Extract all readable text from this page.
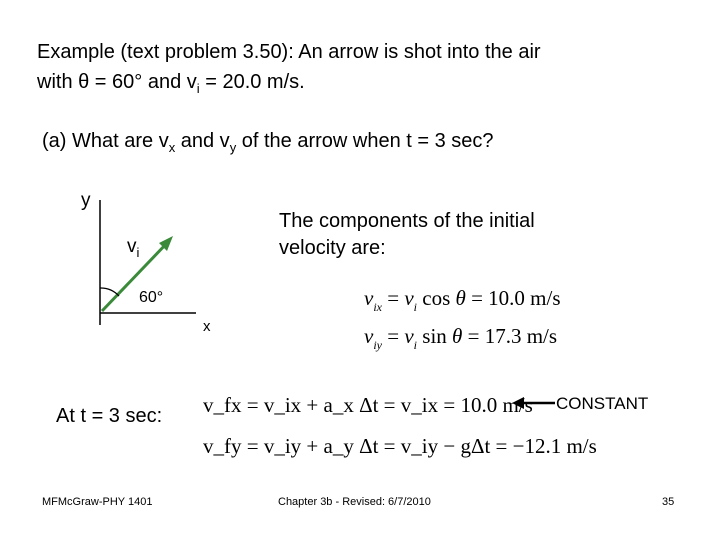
Example (text problem 3.50): An arrow is shot into the air
with θ = 60° and $v_i = 20.0$ m/s.
(a) What are $v_x$ and $v_y$ of the arrow when t = 3 sec?
y
x
$v_i$
60°
The components of the initial
velocity are:
$v_{ix} = v_i$ cos θ = 10.0 m/s
$v_{iy} = v_i$ sin θ = 17.3 m/s
At t = 3 sec: v_fx = v_ix + a_x Δt = v_ix = 10.0 m/s
v_fy = v_iy + a_y Δt = v_iy − gΔt = −12.1 m/s
CONSTANT
MFMcGraw-PHY 1401	Chapter 3b - Revised: 6/7/2010	35
